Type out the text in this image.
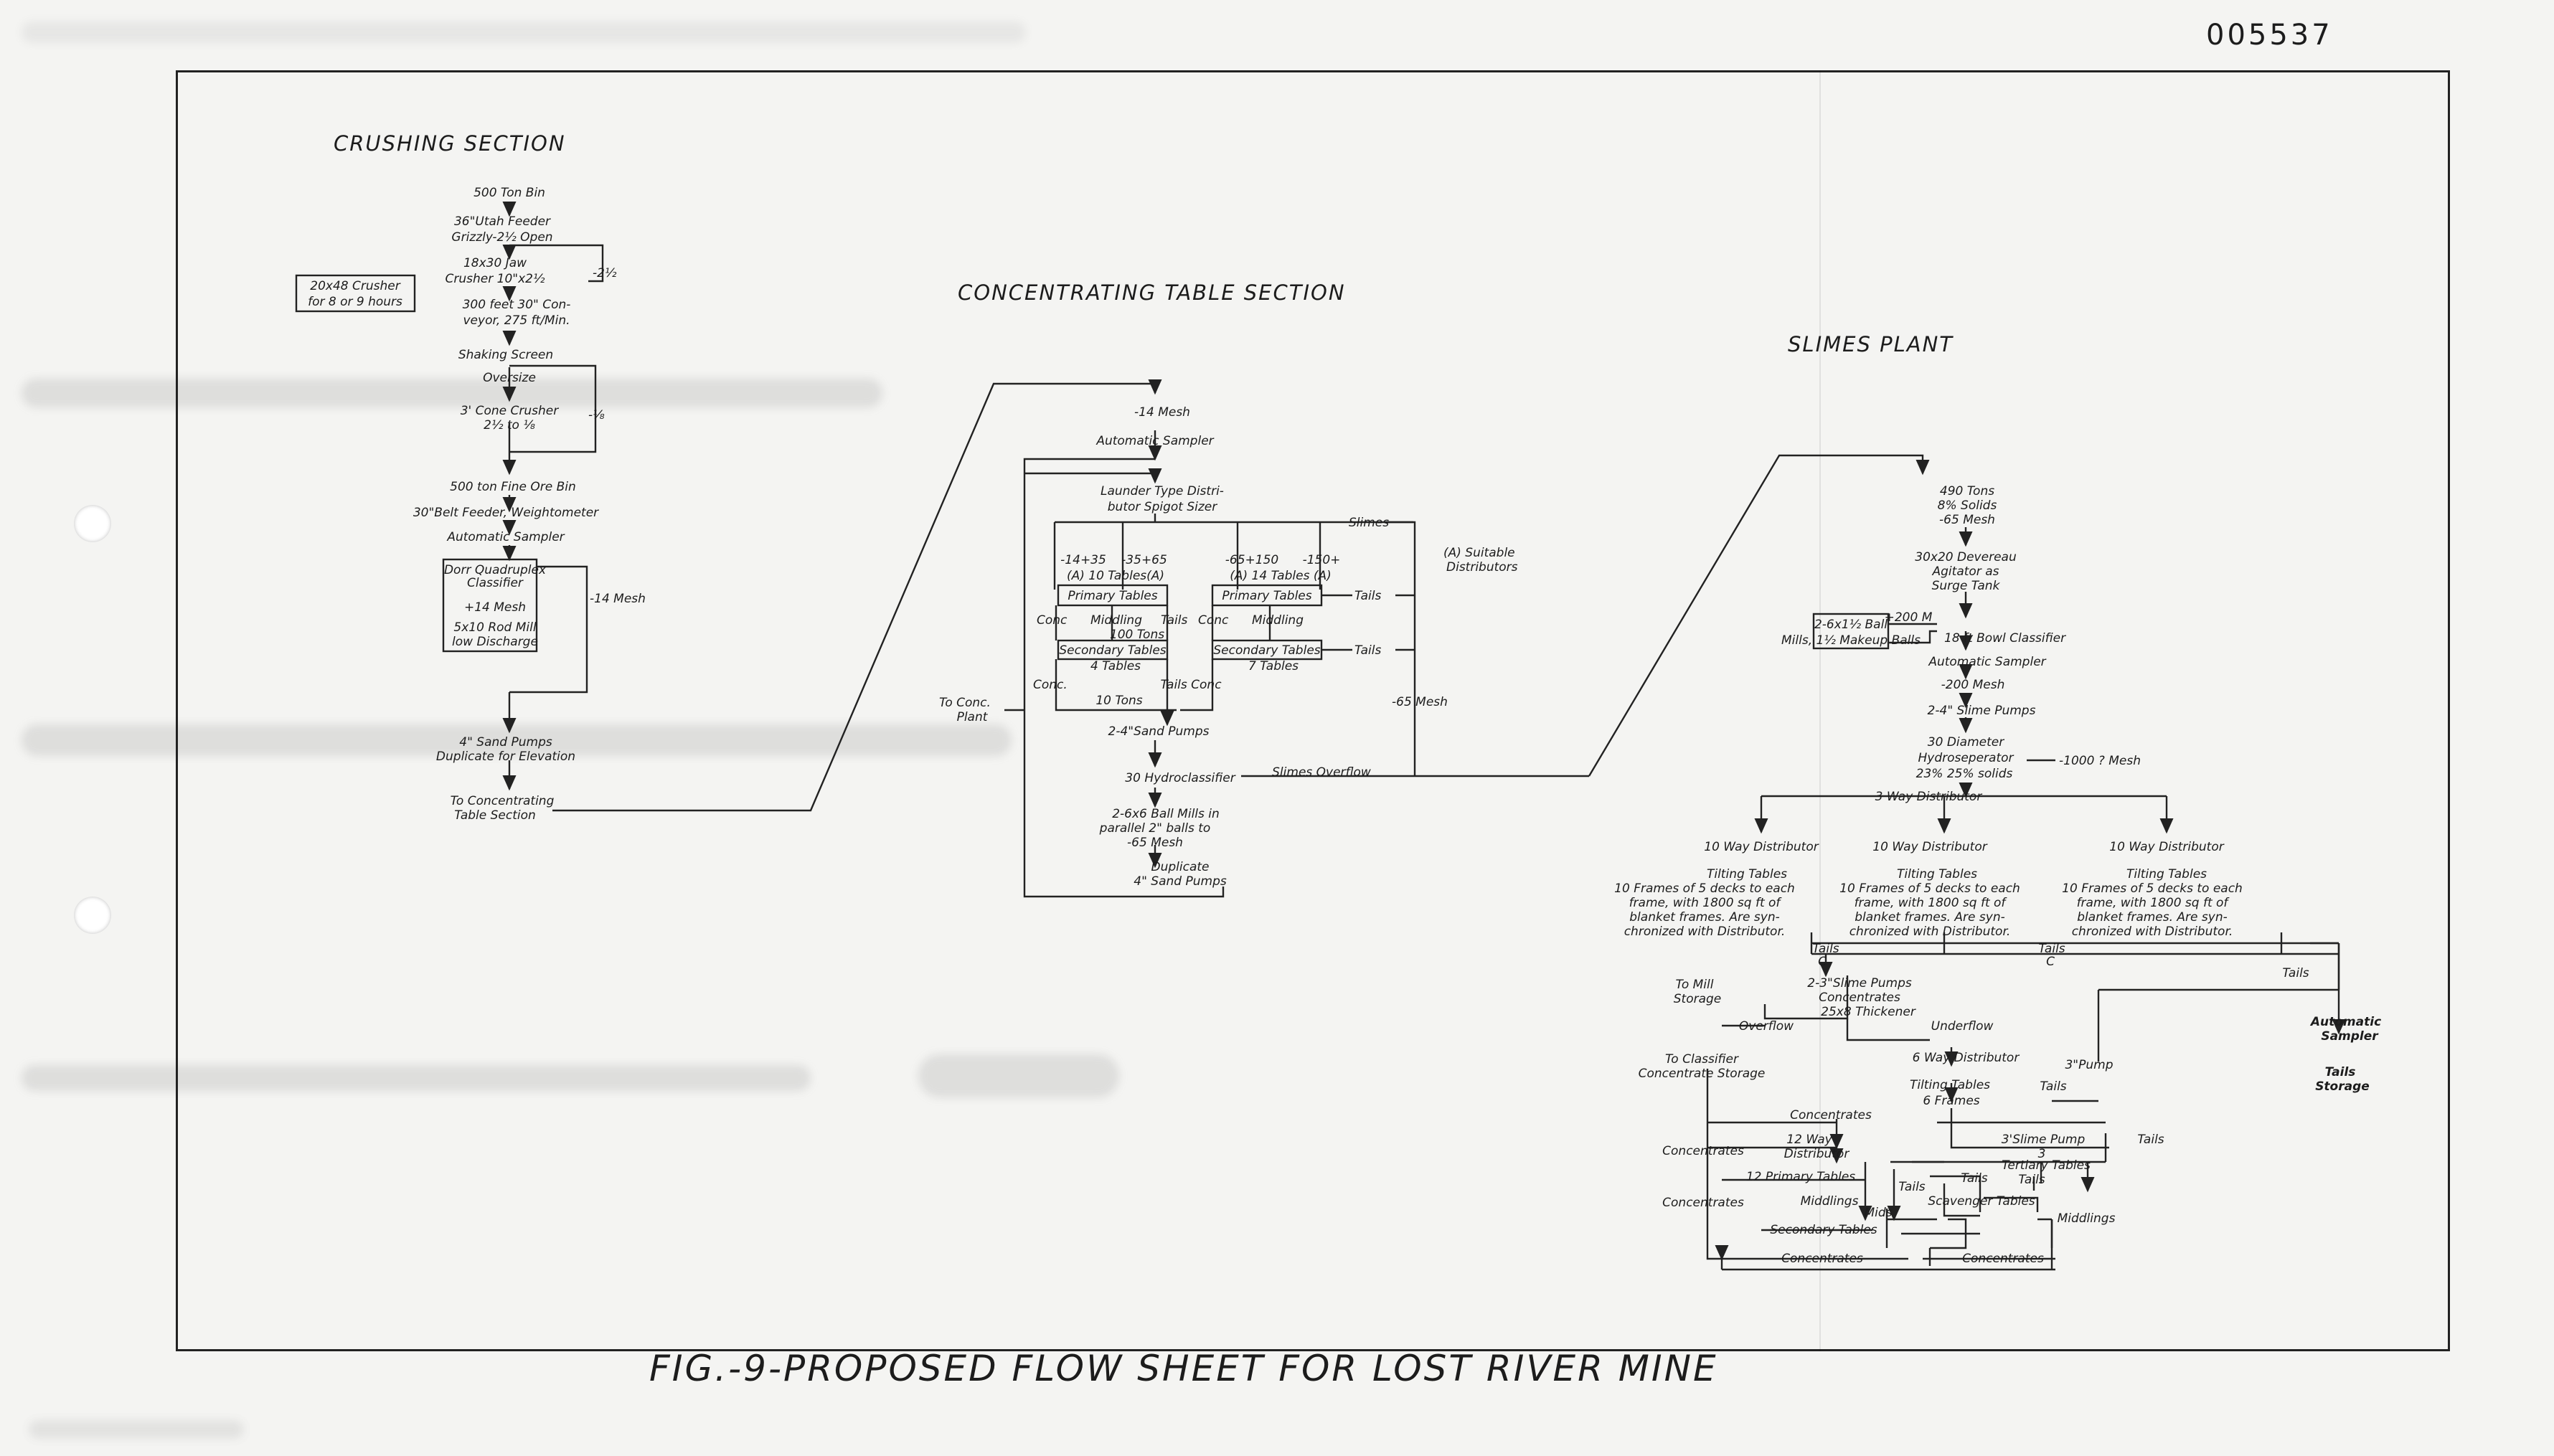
005537
CRUSHING SECTION
CONCENTRATING TABLE SECTION
SLIMES PLANT
FIG.-9-PROPOSED FLOW SHEET FOR LOST RIVER MINE
500 Ton Bin
36"Utah Feeder
Grizzly-2½ Open
18x30 Jaw
Crusher 10"x2½	-2½
20x48 Crusher
for 8 or 9 hours	300 feet 30" Con-
veyor, 275 ft/Min.
Shaking Screen
Oversize
3' Cone Crusher
2½ to ⅛
-⅛
500 ton Fine Ore Bin
30"Belt Feeder, Weightometer
Automatic Sampler
Dorr Quadruplex
Classifier
+14 Mesh
5x10 Rod Mill
low Discharge
-14 Mesh
4" Sand Pumps
Duplicate for Elevation
To Concentrating
Table Section
-14 Mesh
Automatic Sampler
Launder Type Distri-
butor Spigot Sizer
Slimes
-14+35 -35+65	-65+150 -150+
(A) 10 Tables(A)	(A) 14 Tables (A)
Primary Tables	Primary Tables	Tails
Conc Middling Tails Conc Middling
100 Tons
Secondary Tables	Secondary Tables	Tails
4 Tables	7 Tables
(A) Suitable
Distributors
Conc.	Tails Conc
10 Tons
To Conc.
Plant
2-4"Sand Pumps
-65 Mesh
30 Hydroclassifier	Slimes Overflow
2-6x6 Ball Mills in
parallel 2" balls to
-65 Mesh
Duplicate
4" Sand Pumps
490 Tons
8% Solids
-65 Mesh
30x20 Devereau
Agitator as
Surge Tank
2-6x1½ Ball
Mills, 1½ Makeup Balls
+200 M
18 ft Bowl Classifier
Automatic Sampler
-200 Mesh
2-4" Slime Pumps
30 Diameter
Hydroseperator
23% 25% solids
-1000 ? Mesh
3 Way Distributor
10 Way Distributor	10 Way Distributor	10 Way Distributor
Tilting Tables
10 Frames of 5 decks to each
frame, with 1800 sq ft of
blanket frames. Are syn-
chronized with Distributor.
Tilting Tables
10 Frames of 5 decks to each
frame, with 1800 sq ft of
blanket frames. Are syn-
chronized with Distributor.
Tilting Tables
10 Frames of 5 decks to each
frame, with 1800 sq ft of
blanket frames. Are syn-
chronized with Distributor.
Tails
C
Tails
C
Tails
Automatic
Sampler
Tails
Storage
To Mill
Storage
2-3"Slime Pumps
Concentrates
25x8 Thickener
Overflow	Underflow
6 Way Distributor
To Classifier
Concentrate Storage
3"Pump
Tilting Tables
6 Frames
Tails
Concentrates
3'Slime Pump	Tails
12 Way
Distributor
Concentrates
12 Primary Tables
3
Tertiary Tables
Tails
Tails	Tails
Concentrates	Middlings
Mids
Scavenger Tables
Middlings
Secondary Tables
Concentrates	Concentrates
